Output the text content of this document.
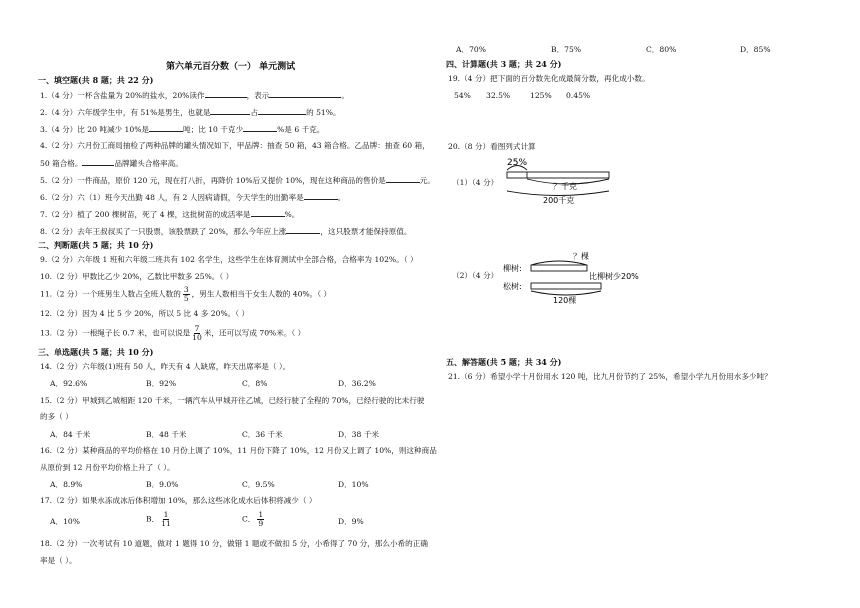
第六单元百分数（一） 单元测试
一、填空题(共 8 题；共 22 分)
1.（4 分）一杯含盐量为 20%的盐水，20%读作	，表示	。
2.（4 分）六年级学生中，有 51%是男生，也就是	占	的 51%。
3.（4 分）比 20 吨减少 10%是	吨；比 10 千克少	%是 6 千克。
4.（2 分）六月份工商局抽检了两种品牌的罐头情况如下，甲品牌：抽查 50 箱，43 箱合格。乙品牌：抽查 60 箱，
50 箱合格。	品牌罐头合格率高。
5.（2 分）一件商品，原价 120 元，现在打八折，再降价 10%后又提价 10%，现在这种商品的售价是	元。
6.（2 分）六（1）班今天出勤 48 人，有 2 人因病请假，今天学生的出勤率是	。
7.（2 分）植了 200 棵树苗，死了 4 棵，这批树苗的成活率是	%。
8.（2 分）去年王叔叔买了一只股票，该股票跌了 20%，那么今年应上涨	，这只股票才能保持原值。
二、判断题(共 5 题；共 10 分)
9.（2 分）六年级 1 班和六年级二班共有 102 名学生，这些学生在体育测试中全部合格，合格率为 102%。（ ）
10.（2 分）甲数比乙少 20%，乙数比甲数多 25%。（ ）
11.（2 分）一个班男生人数占全班人数的 $\frac{3}{5}$ ，男生人数相当于女生人数的 40%。（ ）
12.（2 分）因为 4 比 5 少 20%，所以 5 比 4 多 20%。（ ）
13.（2 分）一根绳子长 0.7 米，也可以说是 $\frac{7}{10}$ 米，还可以写成 70%米。（ ）
三、单选题(共 5 题；共 10 分)
14.（2 分）六年级(1)班有 50 人，昨天有 4 人缺席，昨天出席率是（ ）。
A．92.6%	B．92%	C．8%	D．36.2%
15.（2 分）甲城到乙城相距 120 千米，一辆汽车从甲城开往乙城，已经行驶了全程的 70%，已经行驶的比未行驶
的多（ ）
A．84 千米	B．48 千米	C．36 千米	D．38 千米
16.（2 分）某种商品的平均价格在 10 月份上调了 10%，11 月份下降了 10%，12 月份又上调了 10%，则这种商品
从原价到 12 月份平均价格上升了（ ）。
A．8.9%	B．9.0%	C．9.5%	D．10%
17.（2 分）如果水冻成冰后体积增加 10%，那么这些冰化成水后体积将减少（ ）
A．10%	B． $\frac{1}{11}$	C． $\frac{1}{9}$	D．9%
18.（2 分）一次考试有 10 道题，做对 1 题得 10 分，做错 1 题或不做扣 5 分，小希得了 70 分，那么小希的正确
率是（ ）。
A．70%	B．75%	C．80%	D．85%
四、计算题(共 3 题；共 24 分)
19.（4 分）把下面的百分数先化成最简分数，再化成小数。
54% 32.5%	125% 0.45%
20.（8 分）看图列式计算
（1）（4 分）
25%
？千克
200千克
（2）（4 分）
？棵
柳树:
比柳树少20%
松树:
120棵
五、解答题(共 5 题；共 34 分)
21.（6 分）希望小学十月份用水 120 吨，比九月份节约了 25%，希望小学九月份用水多少吨？
